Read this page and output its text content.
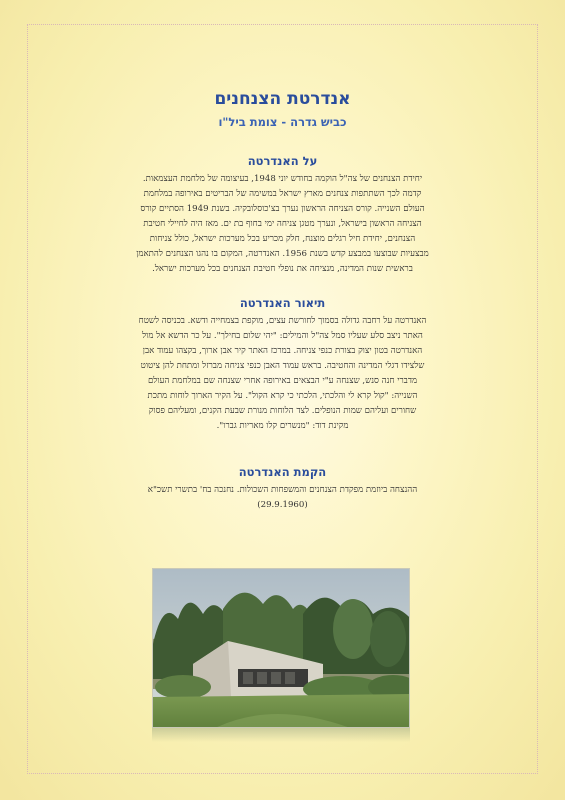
אנדרטת הצנחנים
כביש גדרה - צומת ביל"ו
על האנדרטה

יחידת הצנחנים של צה"ל הוקמה בחודש יוני 1948, בעיצומה של מלחמת העצמאות.
קדמה לכך השתתפות צנחנים מארץ ישראל במשימה של הבריטים באירופה במלחמת
העולם השנייה. קורס הצניחה הראשון נערך בצ'כוסלובקיה. בשנת 1949 הסתיים קורס
הצניחה הראשון בישראל, ונערך מטגן צניחה ימי בחוף בת ים. מאז היה לחיילי חטיבת
הצנחנים, יחידת חיל רגלים מוצנח, חלק מכריע בכל מערכות ישראל, כולל צניחות
מבצעיות שבוצעו במבצע קדש בשנת 1956. האנדרטה, המקום בו נהגו הצנחנים להתאמן
בראשית שנות המדינה, מנציחה את נופלי חטיבת הצנחנים בכל מערכות ישראל.

תיאור האנדרטה

האנדרטה על רחבה גדולה בסמוך לחורשת עצים, מוקפת בצמחייה ודשא. בכניסה לשטח
האתר ניצב סלע שעליו סמל צה"ל והמילים: "יהי שלום בחילך". על כר הדשא אל מול
האנדרטה בטון יצוק בצורת כנפי צניחה. במרכז האתר קיר אבן ארוך, בקצהו עמוד אבן
שלצידו דגלי המדינה והחטיבה. בראש עמוד האבן כנפי צניחה מברזל ומתחת להן ציטוט
מדברי חנה סנש, שצנחה ע"י הבצאים באירופה אחרי שצנחה שם במלחמת העולם
השנייה: "קול קרא לי והלכתי, הלכתי כי קרא הקול". על הקיר הארוך לוחות מתכת
שחורים ועליהם שמות הנופלים. לצד הלוחות מנורת שבעת הקנים, ומעליהם פסוק
מקינת דוד: "מנשרים קלו מאריות גברו".

הקמת האנדרטה

ההנצחה ביוזמת מפקדת הצנחנים והמשפחות השכולות. נחנכה בח' בתשרי תשכ"א
(29.9.1960)
